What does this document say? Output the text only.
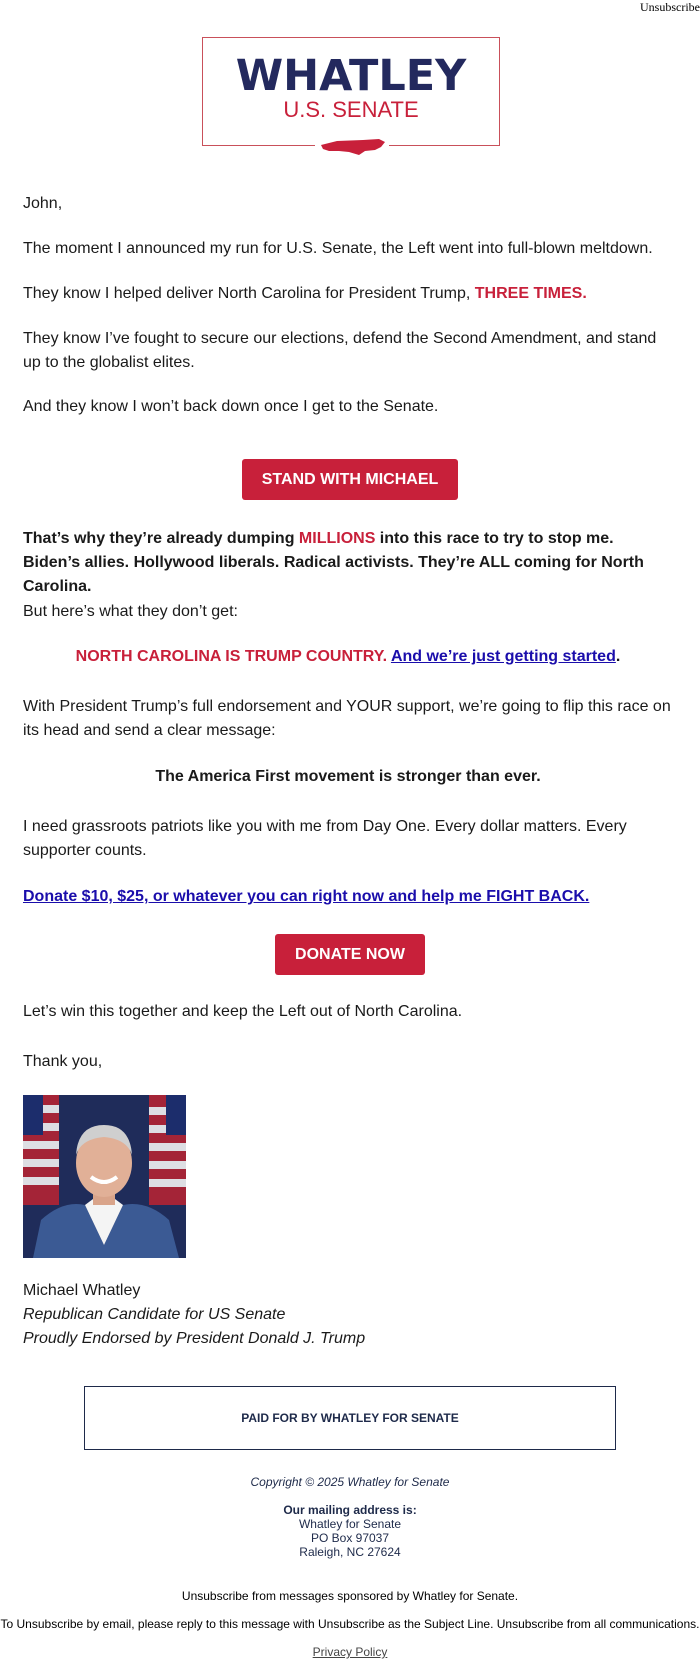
Unsubscribe
WHATLEY
U.S. SENATE

John,

The moment I announced my run for U.S. Senate, the Left went into full-blown meltdown.

They know I helped deliver North Carolina for President Trump, THREE TIMES.

They know I’ve fought to secure our elections, defend the Second Amendment, and stand up to the globalist elites.

And they know I won’t back down once I get to the Senate.

STAND WITH MICHAEL

That’s why they’re already dumping MILLIONS into this race to try to stop me. Biden’s allies. Hollywood liberals. Radical activists. They’re ALL coming for North Carolina.

But here’s what they don’t get:

NORTH CAROLINA IS TRUMP COUNTRY. And we’re just getting started.

With President Trump’s full endorsement and YOUR support, we’re going to flip this race on its head and send a clear message:

The America First movement is stronger than ever.

I need grassroots patriots like you with me from Day One. Every dollar matters. Every supporter counts.

Donate $10, $25, or whatever you can right now and help me FIGHT BACK.

DONATE NOW

Let’s win this together and keep the Left out of North Carolina.

Thank you,

Michael Whatley
Republican Candidate for US Senate
Proudly Endorsed by President Donald J. Trump
PAID FOR BY WHATLEY FOR SENATE
Copyright © 2025 Whatley for Senate
Our mailing address is:
Whatley for Senate
PO Box 97037
Raleigh, NC 27624
Unsubscribe from messages sponsored by Whatley for Senate.
To Unsubscribe by email, please reply to this message with Unsubscribe as the Subject Line. Unsubscribe from all communications.
Privacy Policy
